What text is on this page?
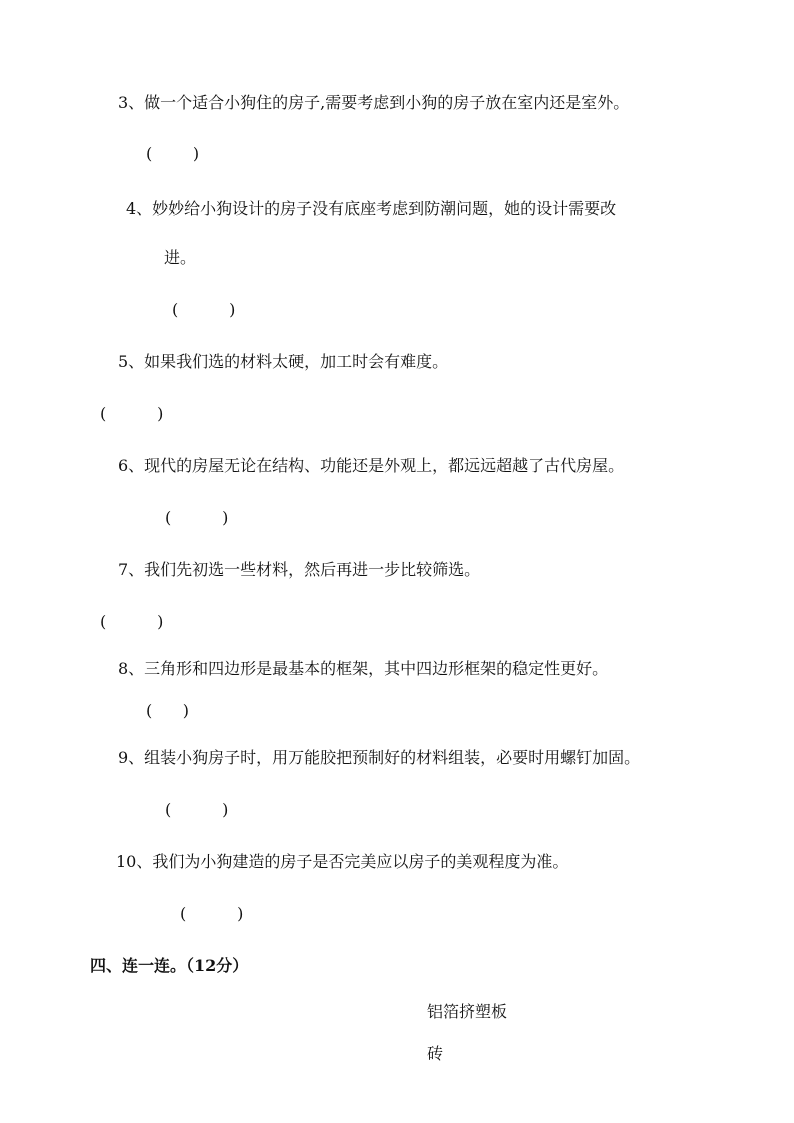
3、做一个适合小狗住的房子,需要考虑到小狗的房子放在室内还是室外。
(        )
4、妙妙给小狗设计的房子没有底座考虑到防潮问题，她的设计需要改
进。
(          )
5、如果我们选的材料太硬，加工时会有难度。
(          )
6、现代的房屋无论在结构、功能还是外观上，都远远超越了古代房屋。
(          )
7、我们先初选一些材料，然后再进一步比较筛选。
(          )
8、三角形和四边形是最基本的框架，其中四边形框架的稳定性更好。
(      )
9、组装小狗房子时，用万能胶把预制好的材料组装，必要时用螺钉加固。
(          )
10、我们为小狗建造的房子是否完美应以房子的美观程度为准。
(          )
四、连一连。（12分）
铝箔挤塑板
砖
